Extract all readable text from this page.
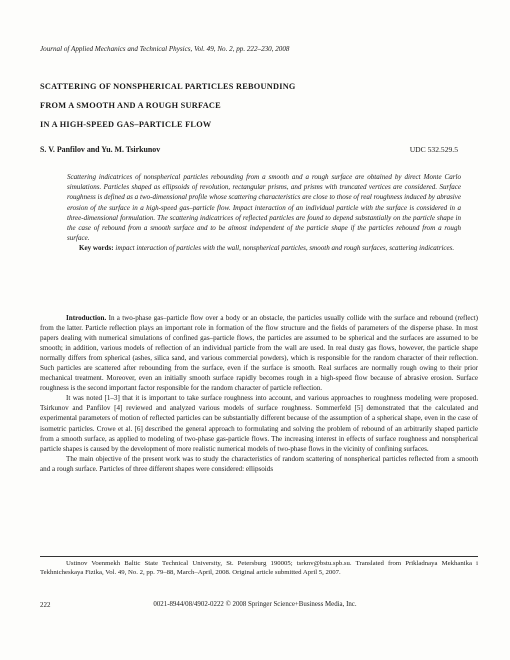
Journal of Applied Mechanics and Technical Physics, Vol. 49, No. 2, pp. 222–230, 2008
SCATTERING OF NONSPHERICAL PARTICLES REBOUNDING
FROM A SMOOTH AND A ROUGH SURFACE
IN A HIGH-SPEED GAS–PARTICLE FLOW
S. V. Panfilov and Yu. M. Tsirkunov	UDC 532.529.5
Scattering indicatrices of nonspherical particles rebounding from a smooth and a rough surface are obtained by direct Monte Carlo simulations. Particles shaped as ellipsoids of revolution, rectangular prisms, and prisms with truncated vertices are considered. Surface roughness is defined as a two-dimensional profile whose scattering characteristics are close to those of real roughness induced by abrasive erosion of the surface in a high-speed gas–particle flow. Impact interaction of an individual particle with the surface is considered in a three-dimensional formulation. The scattering indicatrices of reflected particles are found to depend substantially on the particle shape in the case of rebound from a smooth surface and to be almost independent of the particle shape if the particles rebound from a rough surface.
Key words: impact interaction of particles with the wall, nonspherical particles, smooth and rough surfaces, scattering indicatrices.

Introduction. In a two-phase gas–particle flow over a body or an obstacle, the particles usually collide with the surface and rebound (reflect) from the latter. Particle reflection plays an important role in formation of the flow structure and the fields of parameters of the disperse phase. In most papers dealing with numerical simulations of confined gas–particle flows, the particles are assumed to be spherical and the surfaces are assumed to be smooth; in addition, various models of reflection of an individual particle from the wall are used. In real dusty gas flows, however, the particle shape normally differs from spherical (ashes, silica sand, and various commercial powders), which is responsible for the random character of their reflection. Such particles are scattered after rebounding from the surface, even if the surface is smooth. Real surfaces are normally rough owing to their prior mechanical treatment. Moreover, even an initially smooth surface rapidly becomes rough in a high-speed flow because of abrasive erosion. Surface roughness is the second important factor responsible for the random character of particle reflection.

It was noted [1–3] that it is important to take surface roughness into account, and various approaches to roughness modeling were proposed. Tsirkunov and Panfilov [4] reviewed and analyzed various models of surface roughness. Sommerfeld [5] demonstrated that the calculated and experimental parameters of motion of reflected particles can be substantially different because of the assumption of a spherical shape, even in the case of isometric particles. Crowe et al. [6] described the general approach to formulating and solving the problem of rebound of an arbitrarily shaped particle from a smooth surface, as applied to modeling of two-phase gas-particle flows. The increasing interest in effects of surface roughness and nonspherical particle shapes is caused by the development of more realistic numerical models of two-phase flows in the vicinity of confining surfaces.

The main objective of the present work was to study the characteristics of random scattering of nonspherical particles reflected from a smooth and a rough surface. Particles of three different shapes were considered: ellipsoids

Ustinov Voenmekh Baltic State Technical University, St. Petersburg 190005; tsrknv@bstu.spb.su. Translated from Prikladnaya Mekhanika i Tekhnicheskaya Fizika, Vol. 49, No. 2, pp. 79–88, March–April, 2008. Original article submitted April 5, 2007.
222	0021-8944/08/4902-0222 © 2008 Springer Science+Business Media, Inc.
